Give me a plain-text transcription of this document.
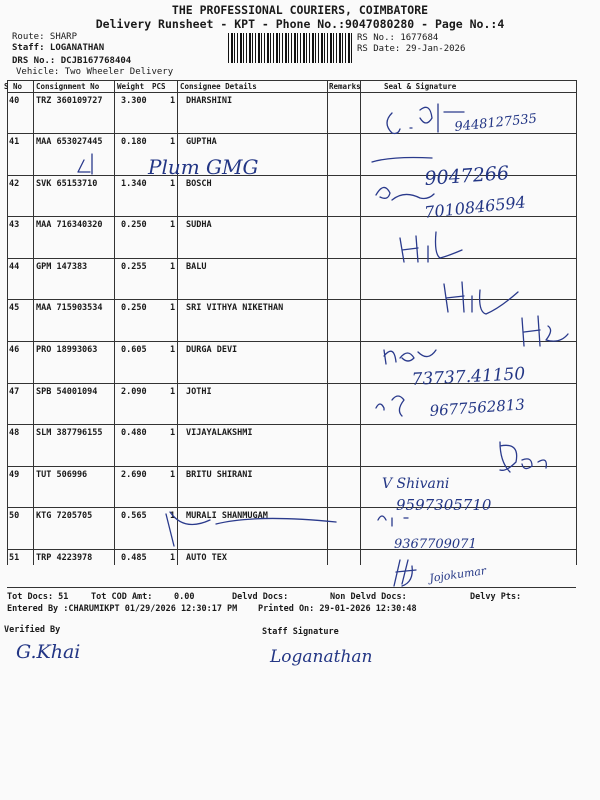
THE PROFESSIONAL COURIERS, COIMBATORE
Delivery Runsheet - KPT - Phone No.:9047080280 - Page No.:4
Route: SHARP
Staff: LOGANATHAN
DRS No.: DCJB167768404
Vehicle: Two Wheeler Delivery
RS No.: 1677684
RS Date: 29-Jan-2026
S No Consignment No Weight PCS Consignee Details	Remarks	Seal & Signature
40 TRZ 360109727 3.300	1 DHARSHINI
41 MAA 653027445 0.180	1 GUPTHA
42 SVK 65153710	1.340	1 BOSCH
43 MAA 716340320 0.250	1 SUDHA
44 GPM 147383	0.255	1 BALU
45 MAA 715903534 0.250	1 SRI VITHYA NIKETHAN
46 PRO 18993063	0.605	1 DURGA DEVI
47 SPB 54001094	2.090	1 JOTHI
48 SLM 387796155 0.480	1 VIJAYALAKSHMI
49 TUT 506996	2.690	1 BRITU SHIRANI
50 KTG 7205705	0.565	1 MURALI SHANMUGAM
51 TRP 4223978	0.485	1 AUTO TEX
Tot Docs: 51	Tot COD Amt:	0.00	Delvd Docs:	Non Delvd Docs:	Delvy Pts:
Entered By :CHARUMIKPT 01/29/2026 12:30:17 PM Printed On: 29-01-2026 12:30:48
Verified By	Staff Signature
9448127535
Plum GMG	9047266
7010846594
73737.41150
9677562813
V Shivani
9597305710
9367709071
Jojokumar
G.Khai	Loganathan
